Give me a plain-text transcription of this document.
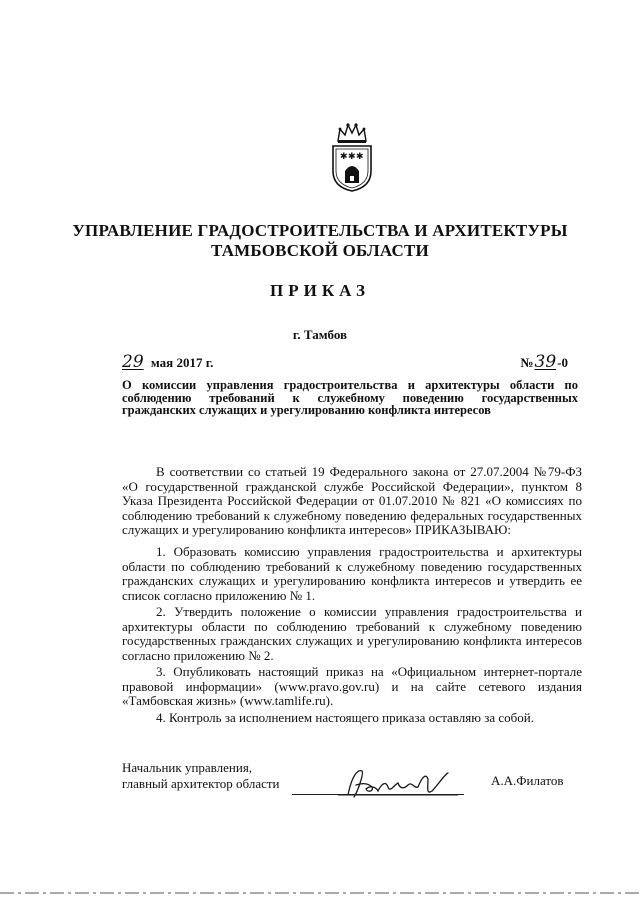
✱ ✱ ✱
УПРАВЛЕНИЕ ГРАДОСТРОИТЕЛЬСТВА И АРХИТЕКТУРЫ
ТАМБОВСКОЙ ОБЛАСТИ
ПРИКАЗ
г. Тамбов
29 мая 2017 г.	№39-0
О комиссии управления градостроительства и архитектуры области по соблюдению требований к служебному поведению государственных гражданских служащих и урегулированию конфликта интересов
В соответствии со статьей 19 Федерального закона от 27.07.2004 №79-ФЗ «О государственной гражданской службе Российской Федерации», пунктом 8 Указа Президента Российской Федерации от 01.07.2010 № 821 «О комиссиях по соблюдению требований к служебному поведению федеральных государственных служащих и урегулированию конфликта интересов» ПРИКАЗЫВАЮ:

1. Образовать комиссию управления градостроительства и архитектуры области по соблюдению требований к служебному поведению государственных гражданских служащих и урегулированию конфликта интересов и утвердить ее список согласно приложению № 1.

2. Утвердить положение о комиссии управления градостроительства и архитектуры области по соблюдению требований к служебному поведению государственных гражданских служащих и урегулированию конфликта интересов согласно приложению № 2.

3. Опубликовать настоящий приказ на «Официальном интернет-портале правовой информации» (www.pravo.gov.ru) и на сайте сетевого издания «Тамбовская жизнь» (www.tamlife.ru).

4. Контроль за исполнением настоящего приказа оставляю за собой.

Начальник управления,
главный архитектор области	А.А.Филатов
